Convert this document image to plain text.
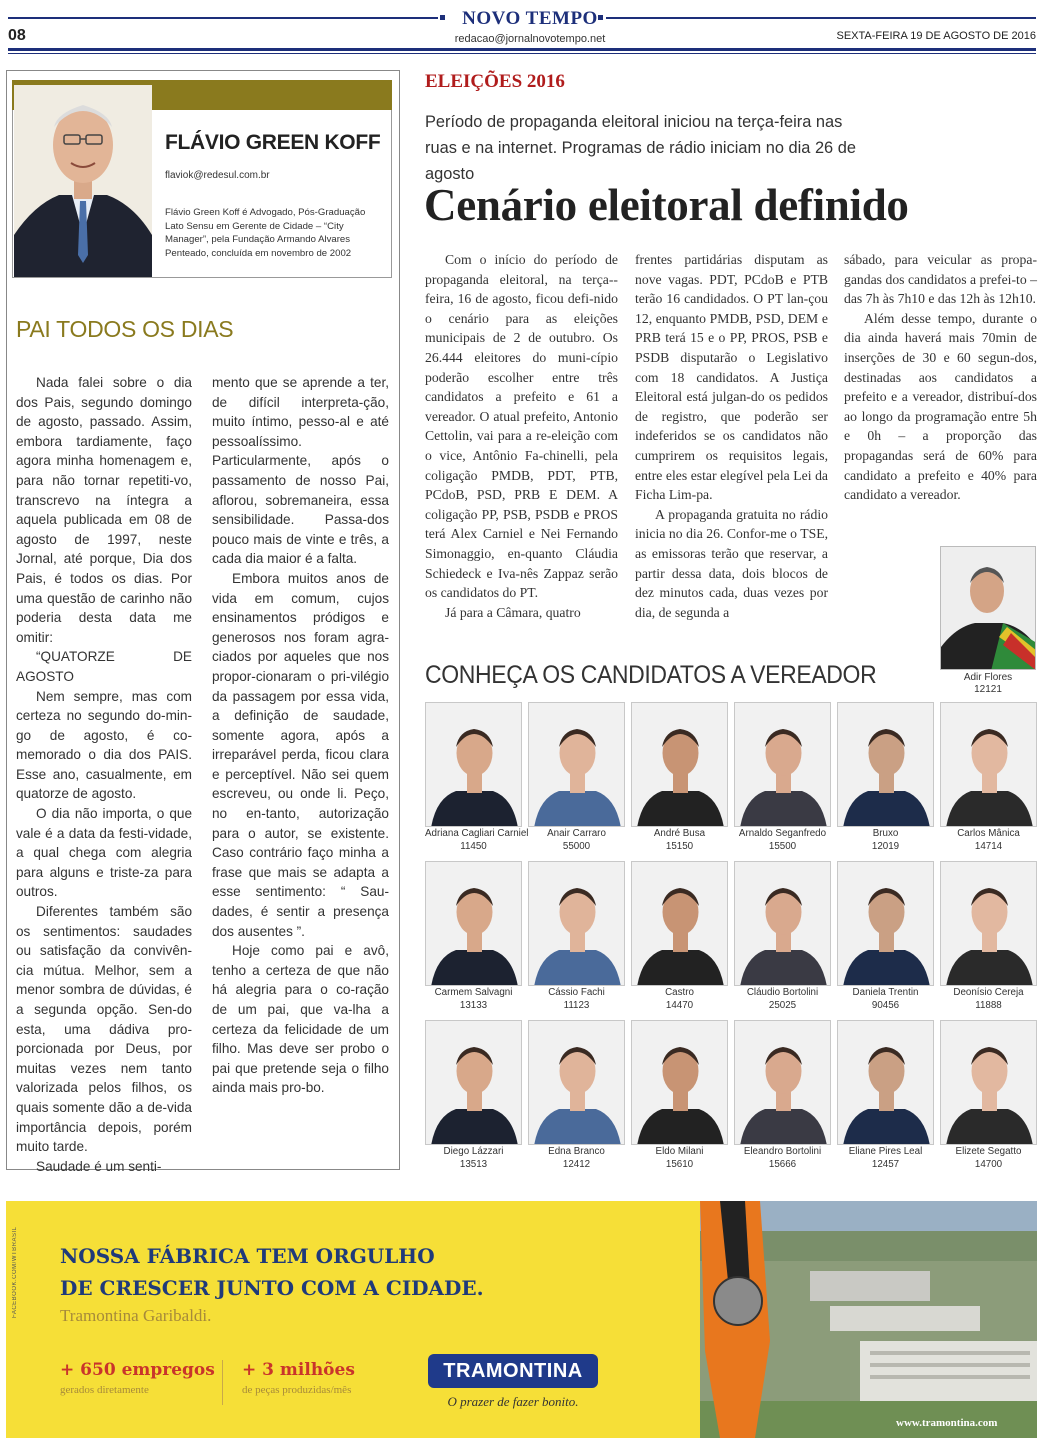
NOVO TEMPO
08	redacao@jornalnovotempo.net	SEXTA-FEIRA 19 DE AGOSTO DE 2016
FLÁVIO GREEN KOFF
flaviok@redesul.com.br
Flávio Green Koff é Advogado, Pós-Graduação Lato Sensu em Gerente de Cidade – “City Manager”, pela Fundação Armando Alvares Penteado, concluída em novembro de 2002
PAI TODOS OS DIAS

Nada falei sobre o dia dos Pais, segundo domingo de agosto, passado. Assim, embora tardiamente, faço agora minha homenagem e, para não tornar repetiti-vo, transcrevo na íntegra a aquela publicada em 08 de agosto de 1997, neste Jornal, até porque, Dia dos Pais, é todos os dias. Por uma questão de carinho não poderia desta data me omitir:

“QUATORZE DE AGOSTO

Nem sempre, mas com certeza no segundo do-min-go de agosto, é co-memorado o dia dos PAIS. Esse ano, casualmente, em quatorze de agosto.

O dia não importa, o que vale é a data da festi-vidade, a qual chega com alegria para alguns e triste-za para outros.

Diferentes também são os sentimentos: saudades ou satisfação da convivên-cia mútua. Melhor, sem a menor sombra de dúvidas, é a segunda opção. Sen-do esta, uma dádiva pro-porcionada por Deus, por muitas vezes nem tanto valorizada pelos filhos, os quais somente dão a de-vida importância depois, porém muito tarde.

Saudade é um senti-

mento que se aprende a ter, de difícil interpreta-ção, muito íntimo, pesso-al e até pessoalíssimo. Particularmente, após o passamento de nosso Pai, aflorou, sobremaneira, essa sensibilidade. Passa-dos pouco mais de vinte e três, a cada dia maior é a falta.

Embora muitos anos de vida em comum, cujos ensinamentos pródigos e generosos nos foram agra-ciados por aqueles que nos propor-cionaram o pri-vilégio da passagem por essa vida, a definição de saudade, somente agora, após a irreparável perda, ficou clara e perceptível. Não sei quem escreveu, ou onde li. Peço, no en-tanto, autorização para o autor, se existente. Caso contrário faço minha a frase que mais se adapta a esse sentimento: “ Sau-dades, é sentir a presença dos ausentes ”.

Hoje como pai e avô, tenho a certeza de que não há alegria para o co-ração de um pai, que va-lha a certeza da felicidade de um filho. Mas deve ser probo o pai que pretende seja o filho ainda mais pro-bo.

ELEIÇÕES 2016
Período de propaganda eleitoral iniciou na terça-feira nas ruas e na internet. Programas de rádio iniciam no dia 26 de agosto
Cenário eleitoral definido

Com o início do período de propaganda eleitoral, na terça--feira, 16 de agosto, ficou defi-nido o cenário para as eleições municipais de 2 de outubro. Os 26.444 eleitores do muni-cípio poderão escolher entre três candidatos a prefeito e 61 a vereador. O atual prefeito, Antonio Cettolin, vai para a re-eleição com o vice, Antônio Fa-chinelli, pela coligação PMDB, PDT, PTB, PCdoB, PSD, PRB E DEM. A coligação PP, PSB, PSDB e PROS terá Alex Carniel e Nei Fernando Simonaggio, en-quanto Cláudia Schiedeck e Iva-nês Zappaz serão os candidatos do PT.

Já para a Câmara, quatro

frentes partidárias disputam as nove vagas. PDT, PCdoB e PTB terão 16 candidados. O PT lan-çou 12, enquanto PMDB, PSD, DEM e PRB terá 15 e o PP, PROS, PSB e PSDB disputarão o Legislativo com 18 candidatos. A Justiça Eleitoral está julgan-do os pedidos de registro, que poderão ser indeferidos se os candidatos não cumprirem os requisitos legais, entre eles estar elegível pela Lei da Ficha Lim-pa.

A propaganda gratuita no rádio inicia no dia 26. Confor-me o TSE, as emissoras terão que reservar, a partir dessa data, dois blocos de dez minutos cada, duas vezes por dia, de segunda a

sábado, para veicular as propa-gandas dos candidatos a prefei-to –das 7h às 7h10 e das 12h às 12h10.

Além desse tempo, durante o dia ainda haverá mais 70min de inserções de 30 e 60 segun-dos, destinadas aos candidatos a prefeito e a vereador, distribuí-dos ao longo da programação entre 5h e 0h – a proporção das propagandas será de 60% para candidato a prefeito e 40% para candidato a vereador.

Adir Flores
12121
CONHEÇA OS CANDIDATOS A VEREADOR
Adriana Cagliari Carniel
11450
Anair Carraro
55000
André Busa
15150
Arnaldo Seganfredo
15500
Bruxo
12019
Carlos Mânica
14714
Carmem Salvagni
13133
Cássio Fachi
11123
Castro
14470
Cláudio Bortolini
25025
Daniela Trentin
90456
Deonísio Cereja
11888
Diego Lázzari
13513
Edna Branco
12412
Eldo Milani
15610
Eleandro Bortolini
15666
Eliane Pires Leal
12457
Elizete Segatto
14700
FACEBOOK.COM/WTBRASIL NOSSA FÁBRICA TEM ORGULHO
DE CRESCER JUNTO COM A CIDADE.
Tramontina Garibaldi.
+ 650 empregos
gerados diretamente
+ 3 milhões
de peças produzidas/mês
TRAMONTINA
O prazer de fazer bonito.
www.tramontina.com
